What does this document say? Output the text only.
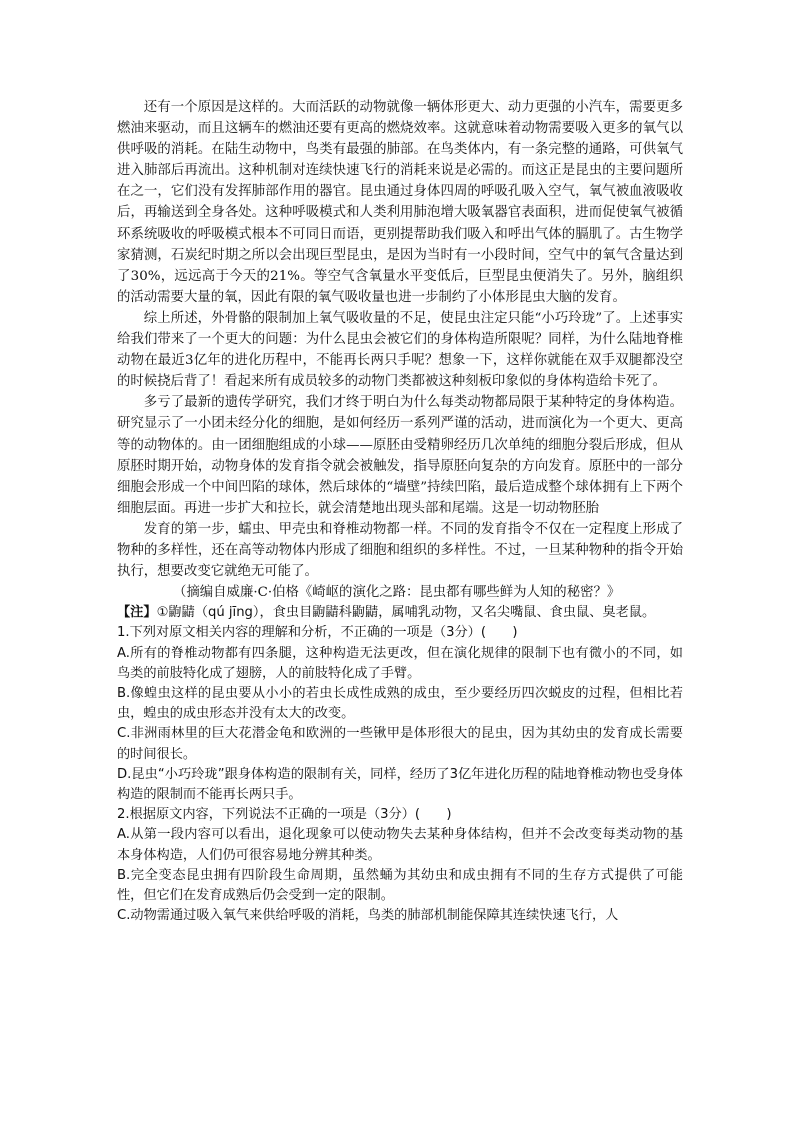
还有一个原因是这样的。大而活跃的动物就像一辆体形更大、动力更强的小汽车，需要更多燃油来驱动，而且这辆车的燃油还要有更高的燃烧效率。这就意味着动物需要吸入更多的氧气以供呼吸的消耗。在陆生动物中，鸟类有最强的肺部。在鸟类体内，有一条完整的通路，可供氧气进入肺部后再流出。这种机制对连续快速飞行的消耗来说是必需的。而这正是昆虫的主要问题所在之一，它们没有发挥肺部作用的器官。昆虫通过身体四周的呼吸孔吸入空气，氧气被血液吸收后，再输送到全身各处。这种呼吸模式和人类利用肺泡增大吸氧器官表面积，进而促使氧气被循环系统吸收的呼吸模式根本不可同日而语，更别提帮助我们吸入和呼出气体的膈肌了。古生物学家猜测，石炭纪时期之所以会出现巨型昆虫，是因为当时有一小段时间，空气中的氧气含量达到了30%，远远高于今天的21%。等空气含氧量水平变低后，巨型昆虫便消失了。另外，脑组织的活动需要大量的氧，因此有限的氧气吸收量也进一步制约了小体形昆虫大脑的发育。

综上所述，外骨骼的限制加上氧气吸收量的不足，使昆虫注定只能“小巧玲珑”了。上述事实给我们带来了一个更大的问题：为什么昆虫会被它们的身体构造所限呢？同样，为什么陆地脊椎动物在最近3亿年的进化历程中，不能再长两只手呢？想象一下，这样你就能在双手双腿都没空的时候挠后背了！看起来所有成员较多的动物门类都被这种刻板印象似的身体构造给卡死了。

多亏了最新的遗传学研究，我们才终于明白为什么每类动物都局限于某种特定的身体构造。研究显示了一小团未经分化的细胞，是如何经历一系列严谨的活动，进而演化为一个更大、更高等的动物体的。由一团细胞组成的小球——原胚由受精卵经历几次单纯的细胞分裂后形成，但从原胚时期开始，动物身体的发育指令就会被触发，指导原胚向复杂的方向发育。原胚中的一部分细胞会形成一个中间凹陷的球体，然后球体的“墙壁”持续凹陷，最后造成整个球体拥有上下两个细胞层面。再进一步扩大和拉长，就会清楚地出现头部和尾端。这是一切动物胚胎

发育的第一步，蠕虫、甲壳虫和脊椎动物都一样。不同的发育指令不仅在一定程度上形成了物种的多样性，还在高等动物体内形成了细胞和组织的多样性。不过，一旦某种物种的指令开始执行，想要改变它就绝无可能了。

（摘编自威廉·C·伯格《崎岖的演化之路：昆虫都有哪些鲜为人知的秘密？》

【注】①鼩鼱（qú jīng），食虫目鼩鼱科鼩鼱，属哺乳动物，又名尖嘴鼠、食虫鼠、臭老鼠。

1.下列对原文相关内容的理解和分析，不正确的一项是（3分）(　　)

A.所有的脊椎动物都有四条腿，这种构造无法更改，但在演化规律的限制下也有微小的不同，如鸟类的前肢特化成了翅膀，人的前肢特化成了手臂。

B.像蝗虫这样的昆虫要从小小的若虫长成性成熟的成虫，至少要经历四次蜕皮的过程，但相比若虫，蝗虫的成虫形态并没有太大的改变。

C.非洲雨林里的巨大花潜金龟和欧洲的一些锹甲是体形很大的昆虫，因为其幼虫的发育成长需要的时间很长。

D.昆虫“小巧玲珑”跟身体构造的限制有关，同样，经历了3亿年进化历程的陆地脊椎动物也受身体构造的限制而不能再长两只手。

2.根据原文内容，下列说法不正确的一项是（3分）(　　)

A.从第一段内容可以看出，退化现象可以使动物失去某种身体结构，但并不会改变每类动物的基本身体构造，人们仍可很容易地分辨其种类。

B.完全变态昆虫拥有四阶段生命周期，虽然蛹为其幼虫和成虫拥有不同的生存方式提供了可能性，但它们在发育成熟后仍会受到一定的限制。

C.动物需通过吸入氧气来供给呼吸的消耗，鸟类的肺部机制能保障其连续快速飞行，人
